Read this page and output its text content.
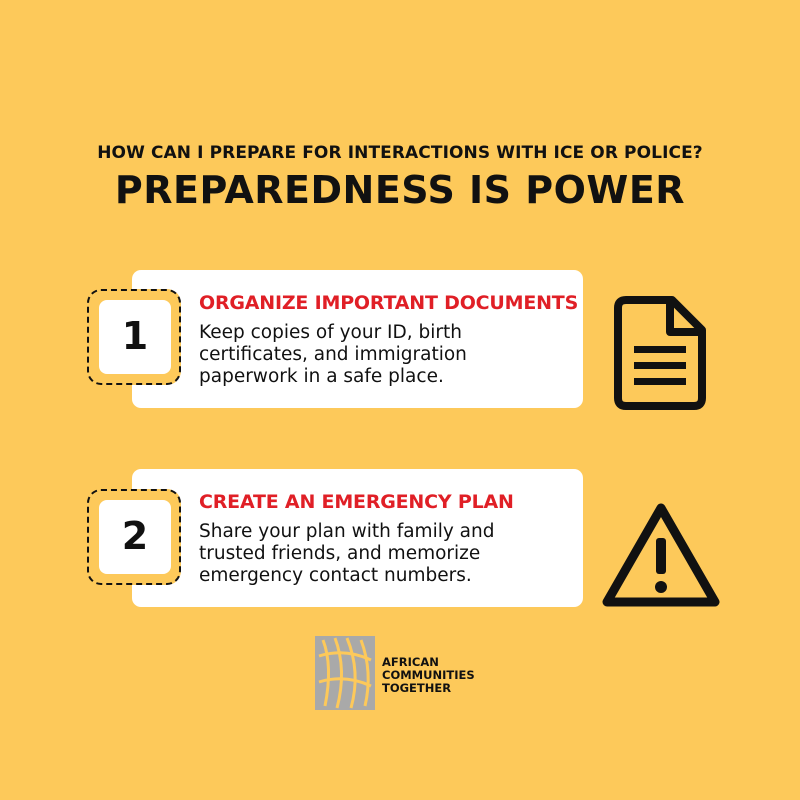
HOW CAN I PREPARE FOR INTERACTIONS WITH ICE OR POLICE?
PREPAREDNESS IS POWER
ORGANIZE IMPORTANT DOCUMENTS
Keep copies of your ID, birth
certificates, and immigration
paperwork in a safe place.
1
CREATE AN EMERGENCY PLAN
Share your plan with family and
trusted friends, and memorize
emergency contact numbers.
2
AFRICAN
COMMUNITIES
TOGETHER
